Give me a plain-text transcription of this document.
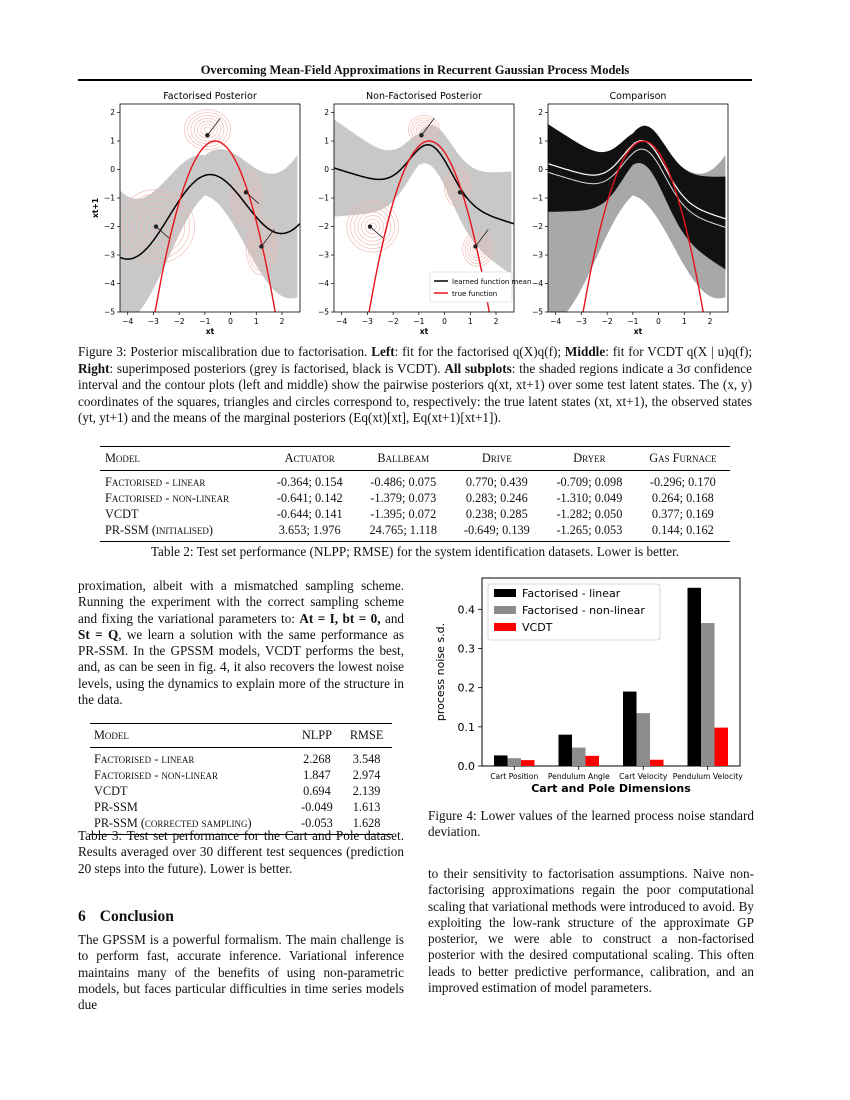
Overcoming Mean-Field Approximations in Recurrent Gaussian Process Models
Factorised Posterior
−4 −3 −2 −1 0	1	2
2
1
0
−1
−2
−3
−4
−5
xt
xt+1
Non-Factorised Posterior
−4 −3 −2 −1 0	1	2
2
1
0
−1
−2
−3
−4
−5
xt
Comparison
−4 −3 −2 −1 0	1	2
2
1
0
−1
−2
−3
−4
−5
xt
learned function mean
true function
Figure 3: Posterior miscalibration due to factorisation. Left: fit for the factorised q(X)q(f); Middle: fit for VCDT q(X | u)q(f); Right: superimposed posteriors (grey is factorised, black is VCDT). All subplots: the shaded regions indicate a 3σ confidence interval and the contour plots (left and middle) show the pairwise posteriors q(xt, xt+1) over some test latent states. The (x, y) coordinates of the squares, triangles and circles correspond to, respectively: the true latent states (xt, xt+1), the observed states (yt, yt+1) and the means of the marginal posteriors (Eq(xt)[xt], Eq(xt+1)[xt+1]).
Model	Actuator	Ballbeam	Drive	Dryer	Gas Furnace
Factorised - linear	-0.364; 0.154	-0.486; 0.075	0.770; 0.439	-0.709; 0.098	-0.296; 0.170
Factorised - non-linear	-0.641; 0.142	-1.379; 0.073	0.283; 0.246	-1.310; 0.049	0.264; 0.168
VCDT	-0.644; 0.141	-1.395; 0.072	0.238; 0.285	-1.282; 0.050	0.377; 0.169
PR-SSM (initialised)	3.653; 1.976	24.765; 1.118	-0.649; 0.139	-1.265; 0.053	0.144; 0.162
Table 2: Test set performance (NLPP; RMSE) for the system identification datasets. Lower is better.
proximation, albeit with a mismatched sampling scheme. Running the experiment with the correct sampling scheme and fixing the variational parameters to: At = I, bt = 0, and St = Q, we learn a solution with the same performance as PR-SSM. In the GPSSM models, VCDT performs the best, and, as can be seen in fig. 4, it also recovers the lowest noise levels, using the dynamics to explain more of the structure in the data.
Model	NLPP	RMSE
Factorised - linear	2.268	3.548
Factorised - non-linear	1.847	2.974
VCDT	0.694	2.139
PR-SSM	-0.049	1.613
PR-SSM (corrected sampling)	-0.053	1.628
Table 3: Test set performance for the Cart and Pole dataset. Results averaged over 30 different test sequences (prediction 20 steps into the future). Lower is better.
6 Conclusion
The GPSSM is a powerful formalism. The main challenge is to perform fast, accurate inference. Variational inference maintains many of the benefits of using non-parametric models, but faces particular difficulties in time series models due
0.0
0.1
0.2
0.3
0.4
Cart Position Pendulum Angle Cart Velocity Pendulum Velocity
Cart and Pole Dimensions
process noise s.d.
Factorised - linear
Factorised - non-linear
VCDT
Figure 4: Lower values of the learned process noise standard deviation.
to their sensitivity to factorisation assumptions. Naive non-factorising approximations regain the poor computational scaling that variational methods were introduced to avoid. By exploiting the low-rank structure of the approximate GP posterior, we were able to construct a non-factorised posterior with the desired computational scaling. This often leads to better predictive performance, calibration, and an improved estimation of model parameters.
